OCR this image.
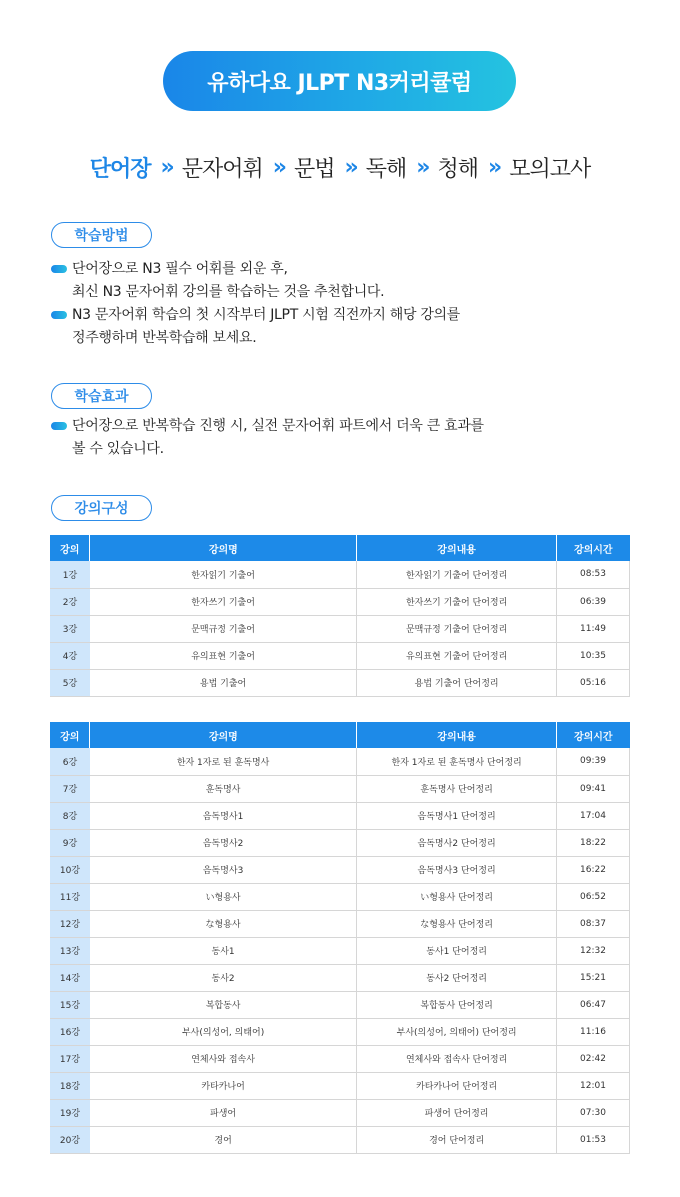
유하다요 JLPT N3커리큘럼
단어장 » 문자어휘 » 문법 » 독해 » 청해 » 모의고사
학습방법
단어장으로 N3 필수 어휘를 외운 후,
최신 N3 문자어휘 강의를 학습하는 것을 추천합니다.
N3 문자어휘 학습의 첫 시작부터 JLPT 시험 직전까지 해당 강의를
정주행하며 반복학습해 보세요.
학습효과
단어장으로 반복학습 진행 시, 실전 문자어휘 파트에서 더욱 큰 효과를
볼 수 있습니다.
강의구성
강의	강의명	강의내용	강의시간
1강	한자읽기 기출어	한자읽기 기출어 단어정리	08:53
2강	한자쓰기 기출어	한자쓰기 기출어 단어정리	06:39
3강	문맥규정 기출어	문맥규정 기출어 단어정리	11:49
4강	유의표현 기출어	유의표현 기출어 단어정리	10:35
5강	용법 기출어	용법 기출어 단어정리	05:16
강의	강의명	강의내용	강의시간
6강	한자 1자로 된 훈독명사	한자 1자로 된 훈독명사 단어정리	09:39
7강	훈독명사	훈독명사 단어정리	09:41
8강	음독명사1	음독명사1 단어정리	17:04
9강	음독명사2	음독명사2 단어정리	18:22
10강	음독명사3	음독명사3 단어정리	16:22
11강	い형용사	い형용사 단어정리	06:52
12강	な형용사	な형용사 단어정리	08:37
13강	동사1	동사1 단어정리	12:32
14강	동사2	동사2 단어정리	15:21
15강	복합동사	복합동사 단어정리	06:47
16강	부사(의성어, 의태어)	부사(의성어, 의태어) 단어정리	11:16
17강	연체사와 접속사	연체사와 접속사 단어정리	02:42
18강	카타카나어	카타카나어 단어정리	12:01
19강	파생어	파생어 단어정리	07:30
20강	경어	경어 단어정리	01:53
